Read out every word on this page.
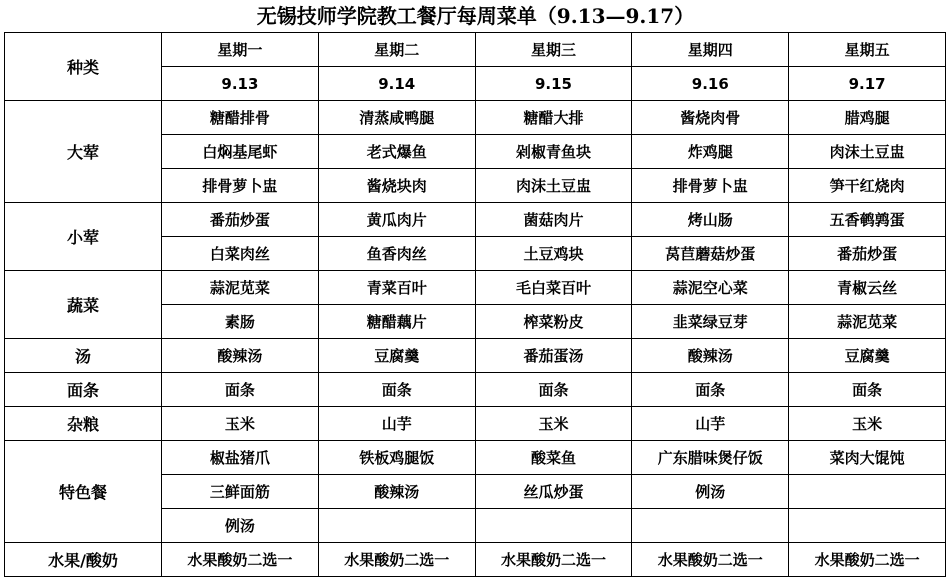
无锡技师学院教工餐厅每周菜单（9.13—9.17）
种类	星期一	星期二	星期三	星期四	星期五
	9.13	9.14	9.15	9.16	9.17
大荤	糖醋排骨	清蒸咸鸭腿	糖醋大排	酱烧肉骨	腊鸡腿
	白焖基尾虾	老式爆鱼	剁椒青鱼块	炸鸡腿	肉沫土豆盅
	排骨萝卜盅	酱烧块肉	肉沫土豆盅	排骨萝卜盅	笋干红烧肉
小荤	番茄炒蛋	黄瓜肉片	菌菇肉片	烤山肠	五香鹌鹑蛋
	白菜肉丝	鱼香肉丝	土豆鸡块	莴苣蘑菇炒蛋	番茄炒蛋
蔬菜	蒜泥苋菜	青菜百叶	毛白菜百叶	蒜泥空心菜	青椒云丝
	素肠	糖醋藕片	榨菜粉皮	韭菜绿豆芽	蒜泥苋菜
汤	酸辣汤	豆腐羹	番茄蛋汤	酸辣汤	豆腐羹
面条	面条	面条	面条	面条	面条
杂粮	玉米	山芋	玉米	山芋	玉米
特色餐	椒盐猪爪	铁板鸡腿饭	酸菜鱼	广东腊味煲仔饭	菜肉大馄饨
	三鲜面筋	酸辣汤	丝瓜炒蛋	例汤	
	例汤				
水果/酸奶	水果酸奶二选一	水果酸奶二选一	水果酸奶二选一	水果酸奶二选一	水果酸奶二选一
